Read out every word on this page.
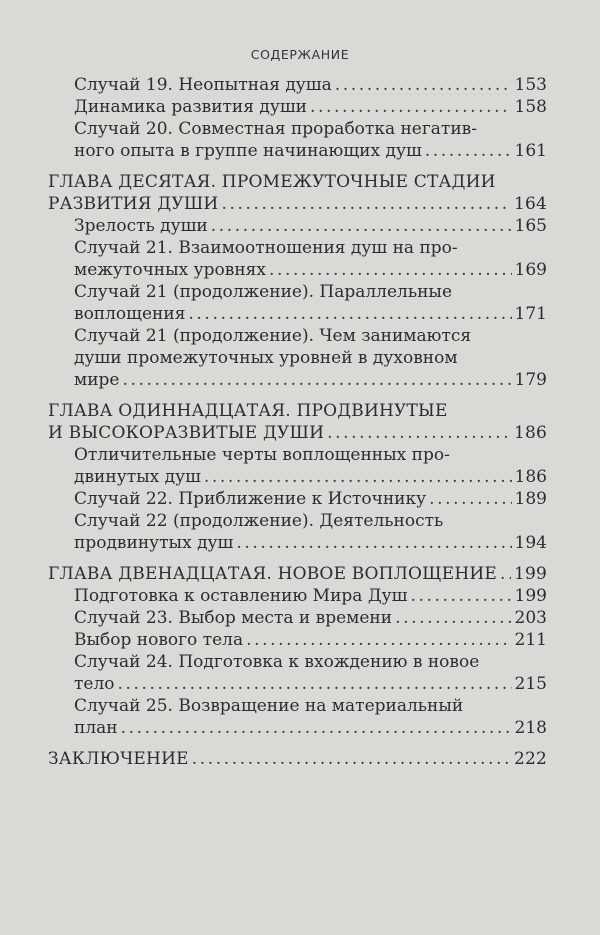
СОДЕРЖАНИЕ
Случай 19. Неопытная душа . . .	153
Динамика развития души . . .	158
Случай 20. Совместная проработка негатив-
ного опыта в группе начинающих душ . . .	161
ГЛАВА ДЕСЯТАЯ. ПРОМЕЖУТОЧНЫЕ СТАДИИ
РАЗВИТИЯ ДУШИ . . .	164
Зрелость души . . .	165
Случай 21. Взаимоотношения душ на про-
межуточных уровнях . . .	169
Случай 21 (продолжение). Параллельные
воплощения . . .	171
Случай 21 (продолжение). Чем занимаются
души промежуточных уровней в духовном
мире . . .	179
ГЛАВА ОДИННАДЦАТАЯ. ПРОДВИНУТЫЕ
И ВЫСОКОРАЗВИТЫЕ ДУШИ . . .	186
Отличительные черты воплощенных про-
двинутых душ . . .	186
Случай 22. Приближение к Источнику . . .	189
Случай 22 (продолжение). Деятельность
продвинутых душ . . .	194
ГЛАВА ДВЕНАДЦАТАЯ. НОВОЕ ВОПЛОЩЕНИЕ . . . 199
Подготовка к оставлению Мира Душ . . .	199
Случай 23. Выбор места и времени . . .	203
Выбор нового тела . . .	211
Случай 24. Подготовка к вхождению в новое
тело . . .	215
Случай 25. Возвращение на материальный
план . . .	218
ЗАКЛЮЧЕНИЕ . . .	222
